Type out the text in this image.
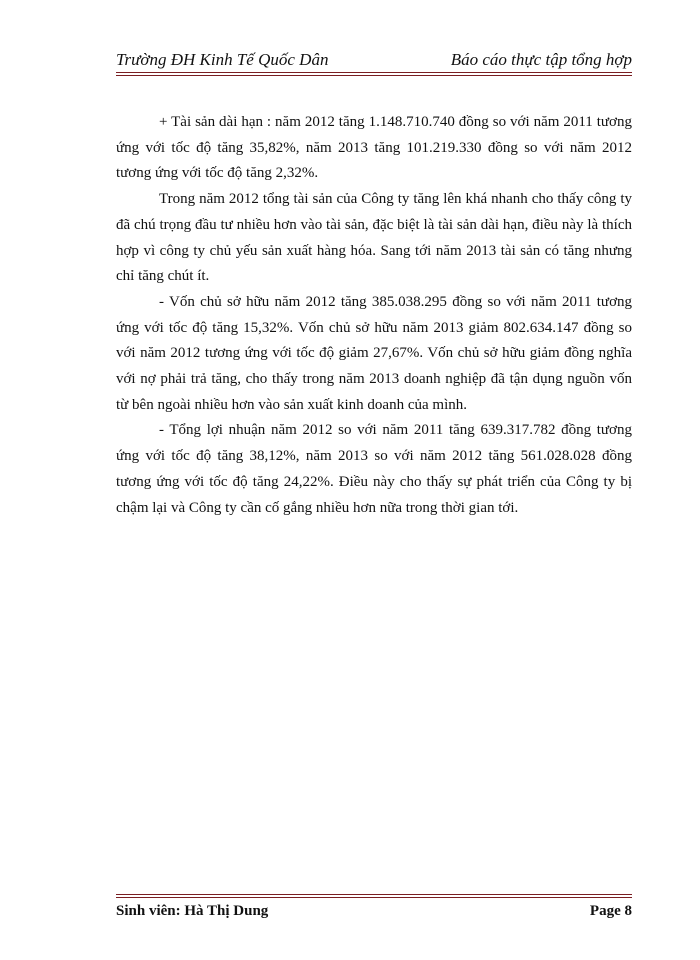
Trường ĐH Kinh Tế Quốc Dân	Báo cáo thực tập tổng hợp

+ Tài sản dài hạn : năm 2012 tăng 1.148.710.740 đồng so với năm 2011 tương ứng với tốc độ tăng 35,82%, năm 2013 tăng 101.219.330 đồng so với năm 2012 tương ứng với tốc độ tăng 2,32%.

Trong năm 2012 tổng tài sản của Công ty tăng lên khá nhanh cho thấy công ty đã chú trọng đầu tư nhiều hơn vào tài sản, đặc biệt là tài sản dài hạn, điều này là thích hợp vì công ty chủ yếu sản xuất hàng hóa. Sang tới năm 2013 tài sản có tăng nhưng chỉ tăng chút ít.

- Vốn chủ sở hữu năm 2012 tăng 385.038.295 đồng so với năm 2011 tương ứng với tốc độ tăng 15,32%. Vốn chủ sở hữu năm 2013 giảm 802.634.147 đồng so với năm 2012 tương ứng với tốc độ giảm 27,67%. Vốn chủ sở hữu giảm đồng nghĩa với nợ phải trả tăng, cho thấy trong năm 2013 doanh nghiệp đã tận dụng nguồn vốn từ bên ngoài nhiều hơn vào sản xuất kinh doanh của mình.

- Tổng lợi nhuận năm 2012 so với năm 2011 tăng 639.317.782 đồng tương ứng với tốc độ tăng 38,12%, năm 2013 so với năm 2012 tăng 561.028.028 đồng tương ứng với tốc độ tăng 24,22%. Điều này cho thấy sự phát triển của Công ty bị chậm lại và Công ty cần cố gắng nhiều hơn nữa trong thời gian tới.

Sinh viên: Hà Thị Dung	Page 8
